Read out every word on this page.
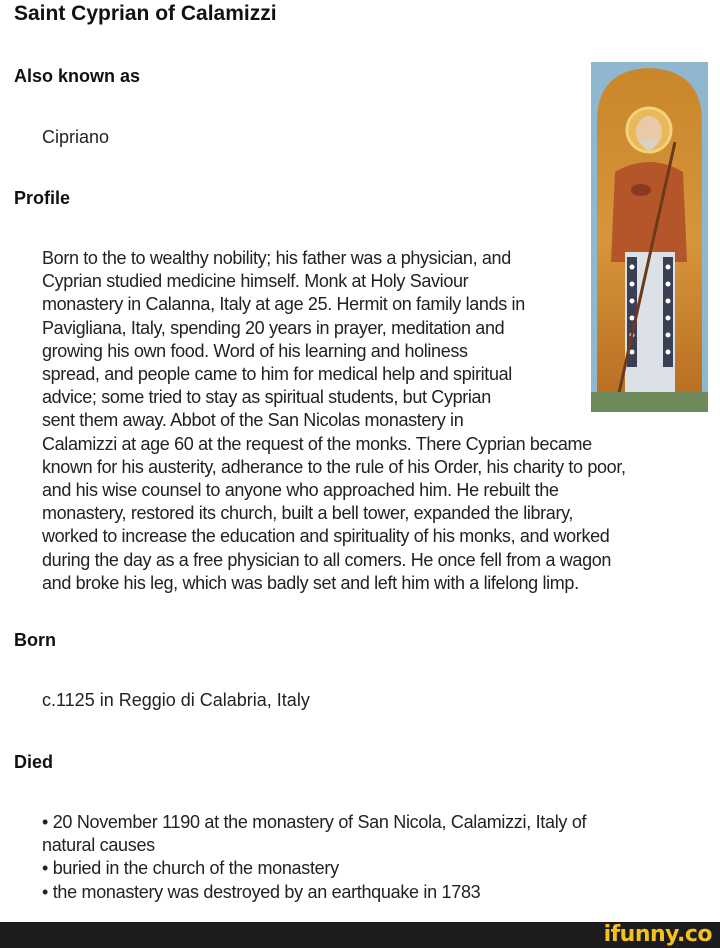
Saint Cyprian of Calamizzi
Also known as
Cipriano
Profile
Born to the to wealthy nobility; his father was a physician, and
Cyprian studied medicine himself. Monk at Holy Saviour
monastery in Calanna, Italy at age 25. Hermit on family lands in
Pavigliana, Italy, spending 20 years in prayer, meditation and
growing his own food. Word of his learning and holiness
spread, and people came to him for medical help and spiritual
advice; some tried to stay as spiritual students, but Cyprian
sent them away. Abbot of the San Nicolas monastery in
Calamizzi at age 60 at the request of the monks. There Cyprian became
known for his austerity, adherance to the rule of his Order, his charity to poor,
and his wise counsel to anyone who approached him. He rebuilt the
monastery, restored its church, built a bell tower, expanded the library,
worked to increase the education and spirituality of his monks, and worked
during the day as a free physician to all comers. He once fell from a wagon
and broke his leg, which was badly set and left him with a lifelong limp.
Born
c.1125 in Reggio di Calabria, Italy
Died
• 20 November 1190 at the monastery of San Nicola, Calamizzi, Italy of
natural causes
• buried in the church of the monastery
• the monastery was destroyed by an earthquake in 1783
ifunny.co
